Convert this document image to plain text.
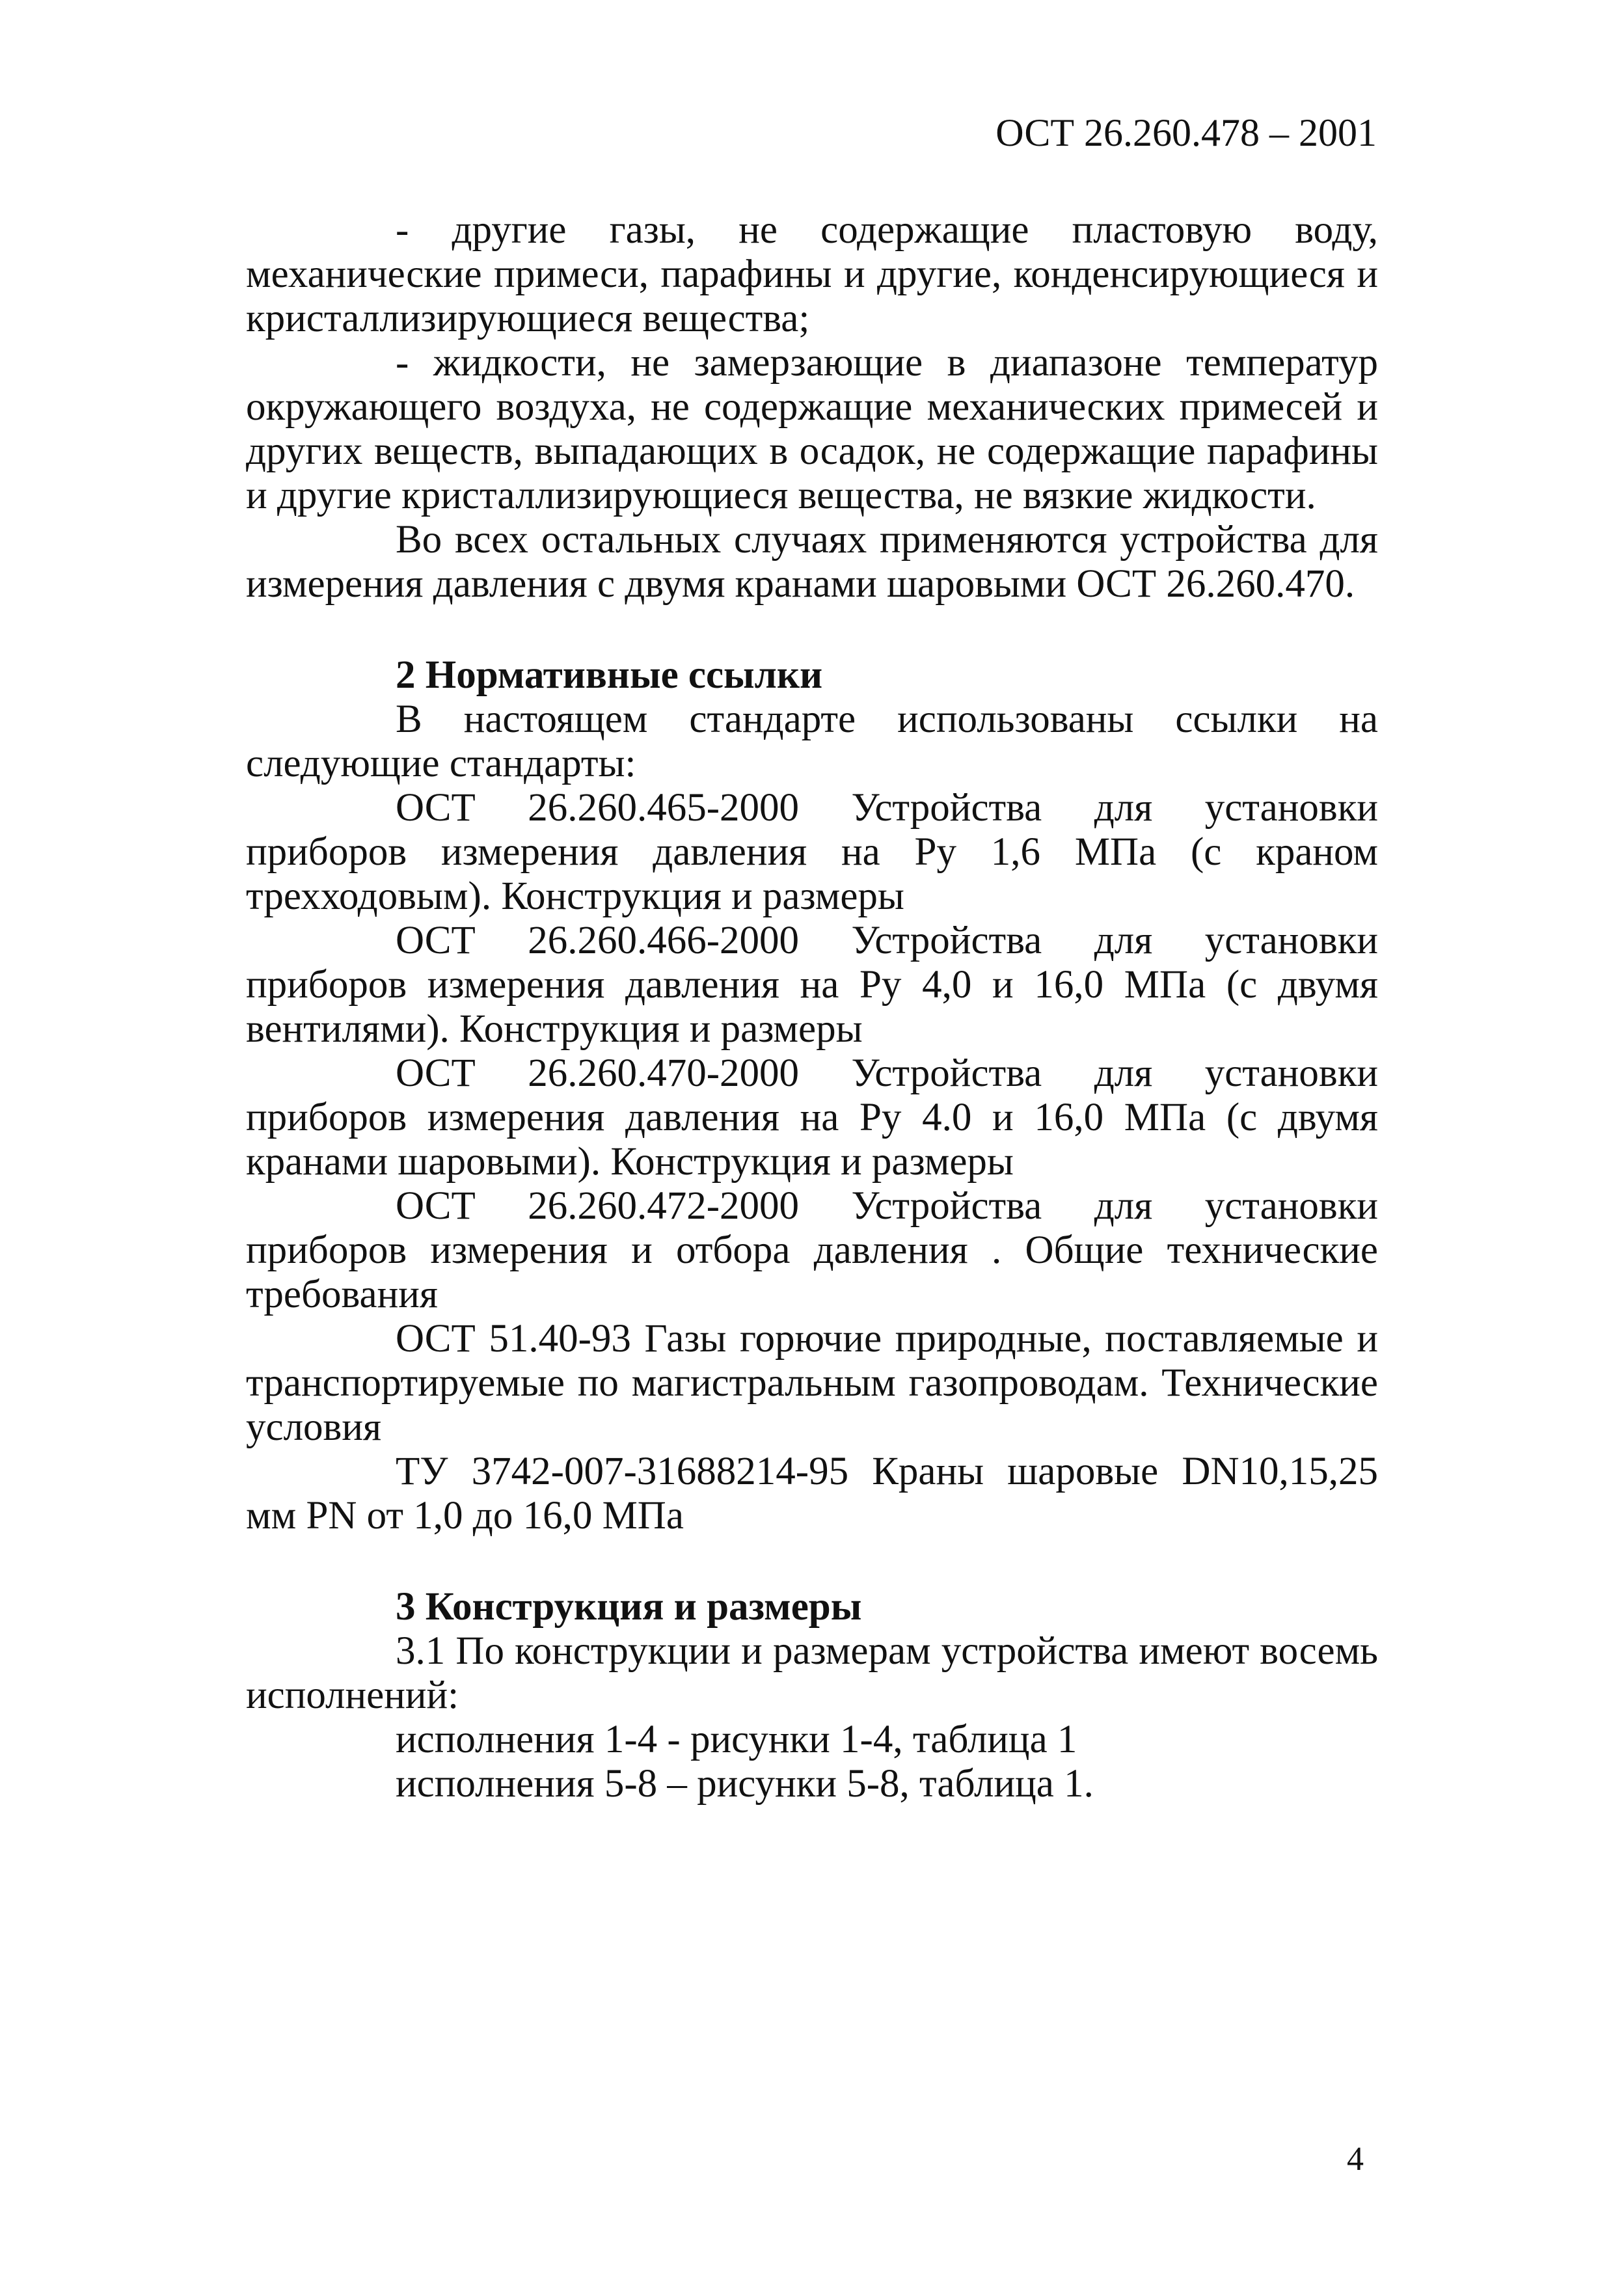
ОСТ 26.260.478 – 2001

- другие газы, не содержащие пластовую воду, механические примеси, парафины и другие, конденсирующиеся и кристаллизирующиеся вещества;

- жидкости, не замерзающие в диапазоне температур окружающего воздуха, не содержащие механических примесей и других веществ, выпадающих в осадок, не содержащие парафины и другие кристаллизирующиеся вещества, не вязкие жидкости.

Во всех остальных случаях применяются устройства для измерения давления с двумя кранами шаровыми ОСТ 26.260.470.

2 Нормативные ссылки

В настоящем стандарте использованы ссылки на следующие стандарты:

ОСТ 26.260.465-2000 Устройства для установки приборов измерения давления на Ру 1,6 МПа (с краном трехходовым). Конструкция и размеры

ОСТ 26.260.466-2000 Устройства для установки приборов измерения давления на Ру 4,0 и 16,0 МПа (с двумя вентилями). Конструкция и размеры

ОСТ 26.260.470-2000 Устройства для установки приборов измерения давления на Ру 4.0 и 16,0 МПа (с двумя кранами шаровыми). Конструкция и размеры

ОСТ 26.260.472-2000 Устройства для установки приборов измерения и отбора давления . Общие технические требования

ОСТ 51.40-93 Газы горючие природные, поставляемые и транспортируемые по магистральным газопроводам. Технические условия

ТУ 3742-007-31688214-95 Краны шаровые DN10,15,25 мм PN от 1,0 до 16,0 МПа

3 Конструкция и размеры

3.1 По конструкции и размерам устройства имеют восемь исполнений:

исполнения 1-4 - рисунки 1-4, таблица 1

исполнения 5-8 – рисунки 5-8, таблица 1.

4
